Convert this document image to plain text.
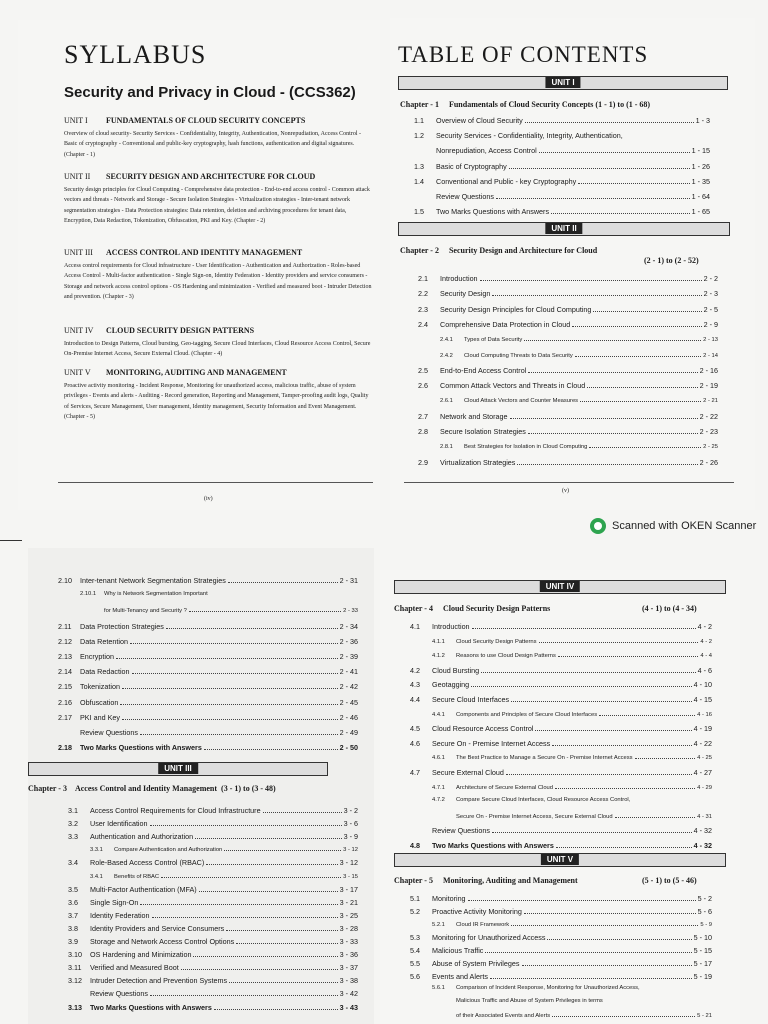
SYLLABUS
Security and Privacy in Cloud - (CCS362)
UNIT I FUNDAMENTALS OF CLOUD SECURITY CONCEPTS
Overview of cloud security- Security Services - Confidentiality, Integrity, Authentication, Nonrepudiation, Access Control - Basic of cryptography - Conventional and public-key cryptography, hash functions, authentication and digital signatures. (Chapter - 1)
UNIT II SECURITY DESIGN AND ARCHITECTURE FOR CLOUD
Security design principles for Cloud Computing - Comprehensive data protection - End-to-end access control - Common attack vectors and threats - Network and Storage - Secure Isolation Strategies - Virtualization strategies - Inter-tenant network segmentation strategies - Data Protection strategies: Data retention, deletion and archiving procedures for tenant data, Encryption, Data Redaction, Tokenization, Obfuscation, PKI and Key. (Chapter - 2)
UNIT III ACCESS CONTROL AND IDENTITY MANAGEMENT
Access control requirements for Cloud infrastructure - User Identification - Authentication and Authorization - Roles-based Access Control - Multi-factor authentication - Single Sign-on, Identity Federation - Identity providers and service consumers - Storage and network access control options - OS Hardening and minimization - Verified and measured boot - Intruder Detection and prevention. (Chapter - 3)
UNIT IV CLOUD SECURITY DESIGN PATTERNS
Introduction to Design Patterns, Cloud bursting, Geo-tagging, Secure Cloud Interfaces, Cloud Resource Access Control, Secure On-Premise Internet Access, Secure External Cloud. (Chapter - 4)
UNIT V MONITORING, AUDITING AND MANAGEMENT
Proactive activity monitoring - Incident Response, Monitoring for unauthorized access, malicious traffic, abuse of system privileges - Events and alerts - Auditing - Record generation, Reporting and Management, Tamper-proofing audit logs, Quality of Services, Secure Management, User management, Identity management, Security Information and Event Management. (Chapter - 5)
(iv)
TABLE OF CONTENTS
UNIT I
Chapter - 1 Fundamentals of Cloud Security Concepts (1 - 1) to (1 - 68)
1.1	Overview of Cloud Security	1 - 3
1.2	Security Services - Confidentiality, Integrity, Authentication,
Nonrepudiation, Access Control	1 - 15
1.3	Basic of Cryptography	1 - 26
1.4	Conventional and Public - key Cryptography	1 - 35
Review Questions	1 - 64
1.5	Two Marks Questions with Answers	1 - 65
UNIT II
Chapter - 2 Security Design and Architecture for Cloud
(2 - 1) to (2 - 52)
2.1	Introduction	2 - 2
2.2	Security Design	2 - 3
2.3	Security Design Principles for Cloud Computing	2 - 5
2.4	Comprehensive Data Protection in Cloud	2 - 9
2.4.1	Types of Data Security	2 - 13
2.4.2	Cloud Computing Threats to Data Security	2 - 14
2.5	End-to-End Access Control	2 - 16
2.6	Common Attack Vectors and Threats in Cloud	2 - 19
2.6.1	Cloud Attack Vectors and Counter Measures	2 - 21
2.7	Network and Storage	2 - 22
2.8	Secure Isolation Strategies	2 - 23
2.8.1	Best Strategies for Isolation in Cloud Computing	2 - 25
2.9	Virtualization Strategies	2 - 26
(v)
Scanned with OKEN Scanner
2.10	Inter-tenant Network Segmentation Strategies	2 - 31
2.10.1	Why is Network Segmentation Important
for Multi-Tenancy and Security ?	2 - 33
2.11	Data Protection Strategies	2 - 34
2.12	Data Retention	2 - 36
2.13	Encryption	2 - 39
2.14	Data Redaction	2 - 41
2.15	Tokenization	2 - 42
2.16	Obfuscation	2 - 45
2.17	PKI and Key	2 - 46
Review Questions	2 - 49
2.18	Two Marks Questions with Answers	2 - 50
UNIT III
Chapter - 3 Access Control and Identity Management (3 - 1) to (3 - 48)
3.1	Access Control Requirements for Cloud Infrastructure	3 - 2
3.2	User Identification	3 - 6
3.3	Authentication and Authorization	3 - 9
3.3.1	Compare Authentication and Authorization	3 - 12
3.4	Role-Based Access Control (RBAC)	3 - 12
3.4.1	Benefits of RBAC	3 - 15
3.5	Multi-Factor Authentication (MFA)	3 - 17
3.6	Single Sign-On	3 - 21
3.7	Identity Federation	3 - 25
3.8	Identity Providers and Service Consumers	3 - 28
3.9	Storage and Network Access Control Options	3 - 33
3.10	OS Hardening and Minimization	3 - 36
3.11	Verified and Measured Boot	3 - 37
3.12	Intruder Detection and Prevention Systems	3 - 38
Review Questions	3 - 42
3.13	Two Marks Questions with Answers	3 - 43
UNIT IV
Chapter - 4 Cloud Security Design Patterns	(4 - 1) to (4 - 34)
4.1	Introduction	4 - 2
4.1.1	Cloud Security Design Patterns	4 - 2
4.1.2	Reasons to use Cloud Design Patterns	4 - 4
4.2	Cloud Bursting	4 - 6
4.3	Geotagging	4 - 10
4.4	Secure Cloud Interfaces	4 - 15
4.4.1	Components and Principles of Secure Cloud Interfaces	4 - 16
4.5	Cloud Resource Access Control	4 - 19
4.6	Secure On - Premise Internet Access	4 - 22
4.6.1	The Best Practice to Manage a Secure On - Premise Internet Access	4 - 25
4.7	Secure External Cloud	4 - 27
4.7.1	Architecture of Secure External Cloud	4 - 29
4.7.2	Compare Secure Cloud Interfaces, Cloud Resource Access Control,
Secure On - Premise Internet Access, Secure External Cloud	4 - 31
Review Questions	4 - 32
4.8	Two Marks Questions with Answers	4 - 32
UNIT V
Chapter - 5 Monitoring, Auditing and Management	(5 - 1) to (5 - 46)
5.1	Monitoring	5 - 2
5.2	Proactive Activity Monitoring	5 - 6
5.2.1	Cloud IR Framework	5 - 9
5.3	Monitoring for Unauthorized Access	5 - 10
5.4	Malicious Traffic	5 - 15
5.5	Abuse of System Privileges	5 - 17
5.6	Events and Alerts	5 - 19
5.6.1	Comparison of Incident Response, Monitoring for Unauthorized Access,
Malicious Traffic and Abuse of System Privileges in terms
of their Associated Events and Alerts	5 - 21
